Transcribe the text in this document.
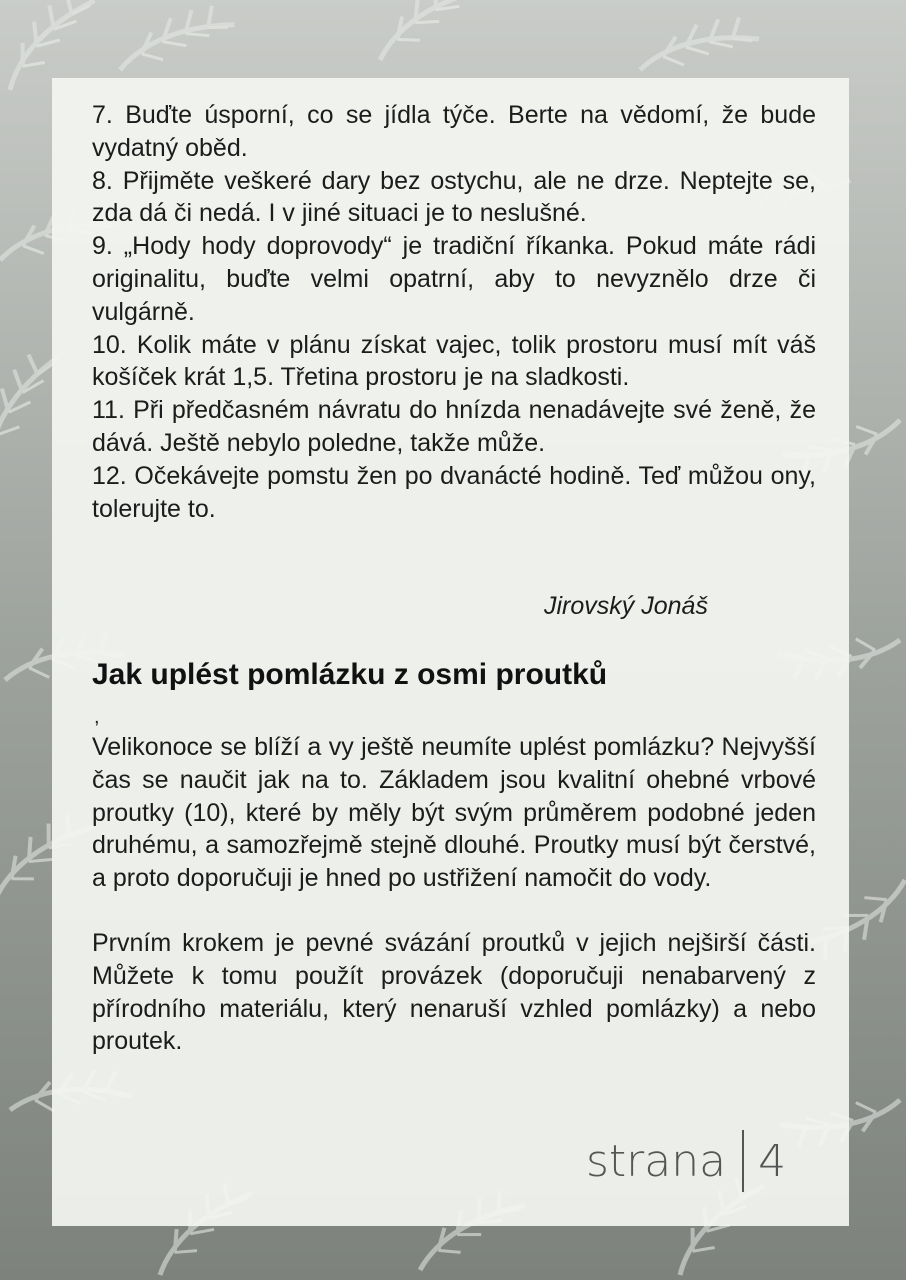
7. Buďte úsporní, co se jídla týče. Berte na vědomí, že bude vydatný oběd.

8. Přijměte veškeré dary bez ostychu, ale ne drze. Neptejte se, zda dá či nedá. I v jiné situaci je to neslušné.

9. „Hody hody doprovody“ je tradiční říkanka. Pokud máte rádi originalitu, buďte velmi opatrní, aby to nevyznělo drze či vulgárně.

10. Kolik máte v plánu získat vajec, tolik prostoru musí mít váš košíček krát 1,5. Třetina prostoru je na sladkosti.

11. Při předčasném návratu do hnízda nenadávejte své ženě, že dává. Ještě nebylo poledne, takže může.

12. Očekávejte pomstu žen po dvanácté hodině. Teď můžou ony, tolerujte to.

Jirovský Jonáš
Jak uplést pomlázku z osmi proutků
,

Velikonoce se blíží a vy ještě neumíte uplést pomlázku? Nejvyšší čas se naučit jak na to. Základem jsou kvalitní ohebné vrbové proutky (10), které by měly být svým průměrem podobné jeden druhému, a samozřejmě stejně dlouhé. Proutky musí být čerstvé, a proto doporučuji je hned po ustřižení namočit do vody.

Prvním krokem je pevné svázání proutků v jejich nejširší části. Můžete k tomu použít provázek (doporučuji nenabarvený z přírodního materiálu, který nenaruší vzhled pomlázky) a nebo proutek.

strana 4
